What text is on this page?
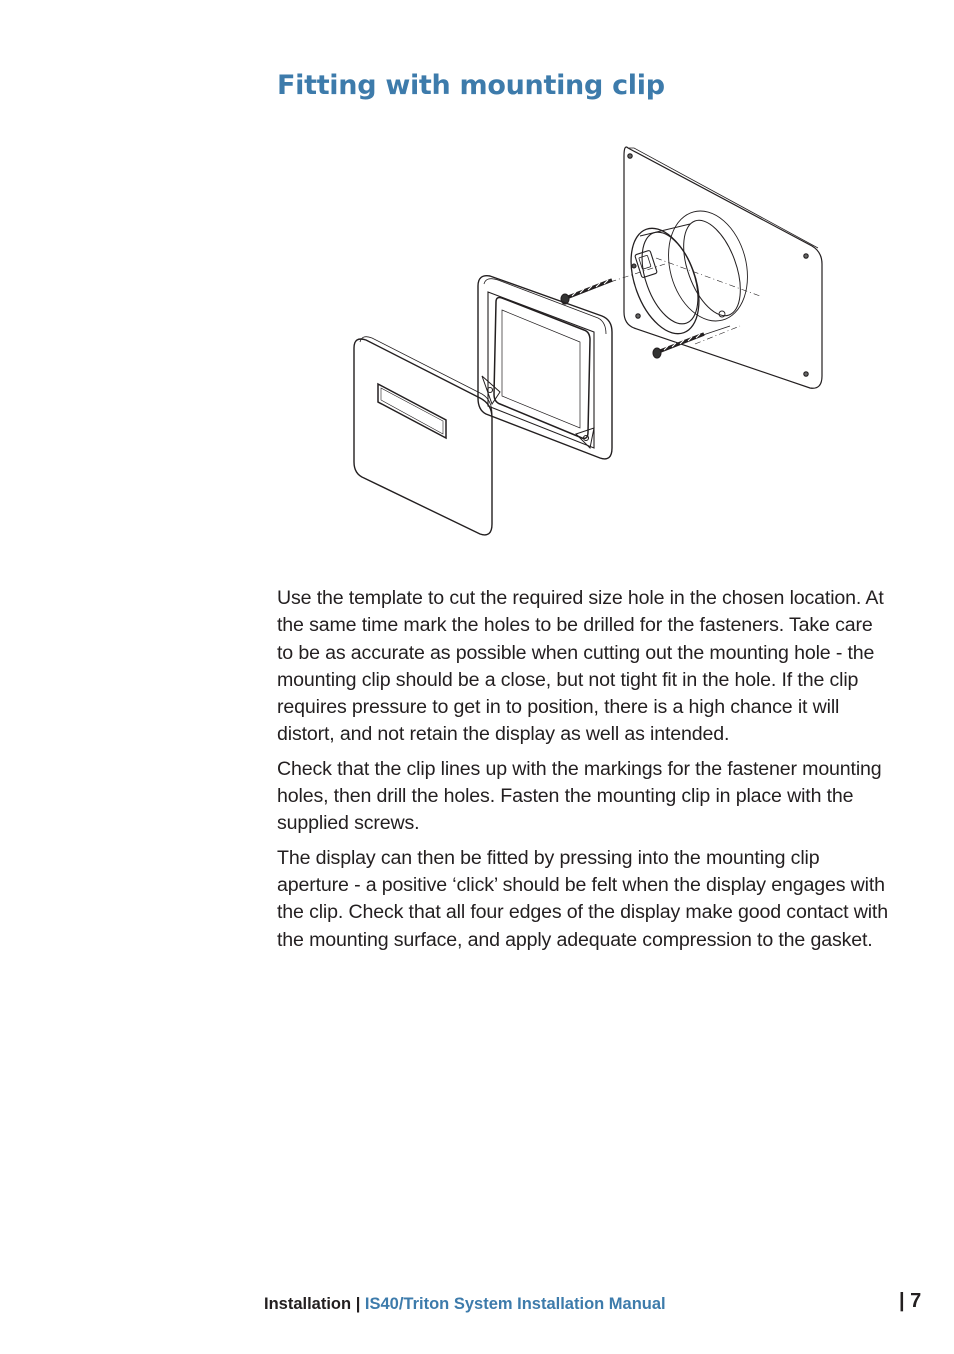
Fitting with mounting clip

Use the template to cut the required size hole in the chosen location. At the same time mark the holes to be drilled for the fasteners. Take care to be as accurate as possible when cutting out the mounting hole - the mounting clip should be a close, but not tight fit in the hole. If the clip requires pressure to get in to position, there is a high chance it will distort, and not retain the display as well as intended.

Check that the clip lines up with the markings for the fastener mounting holes, then drill the holes. Fasten the mounting clip in place with the supplied screws.

The display can then be fitted by pressing into the mounting clip aperture - a positive ‘click’ should be felt when the display engages with the clip. Check that all four edges of the display make good contact with the mounting surface, and apply adequate compression to the gasket.

Installation | IS40/Triton System Installation Manual	| 7
